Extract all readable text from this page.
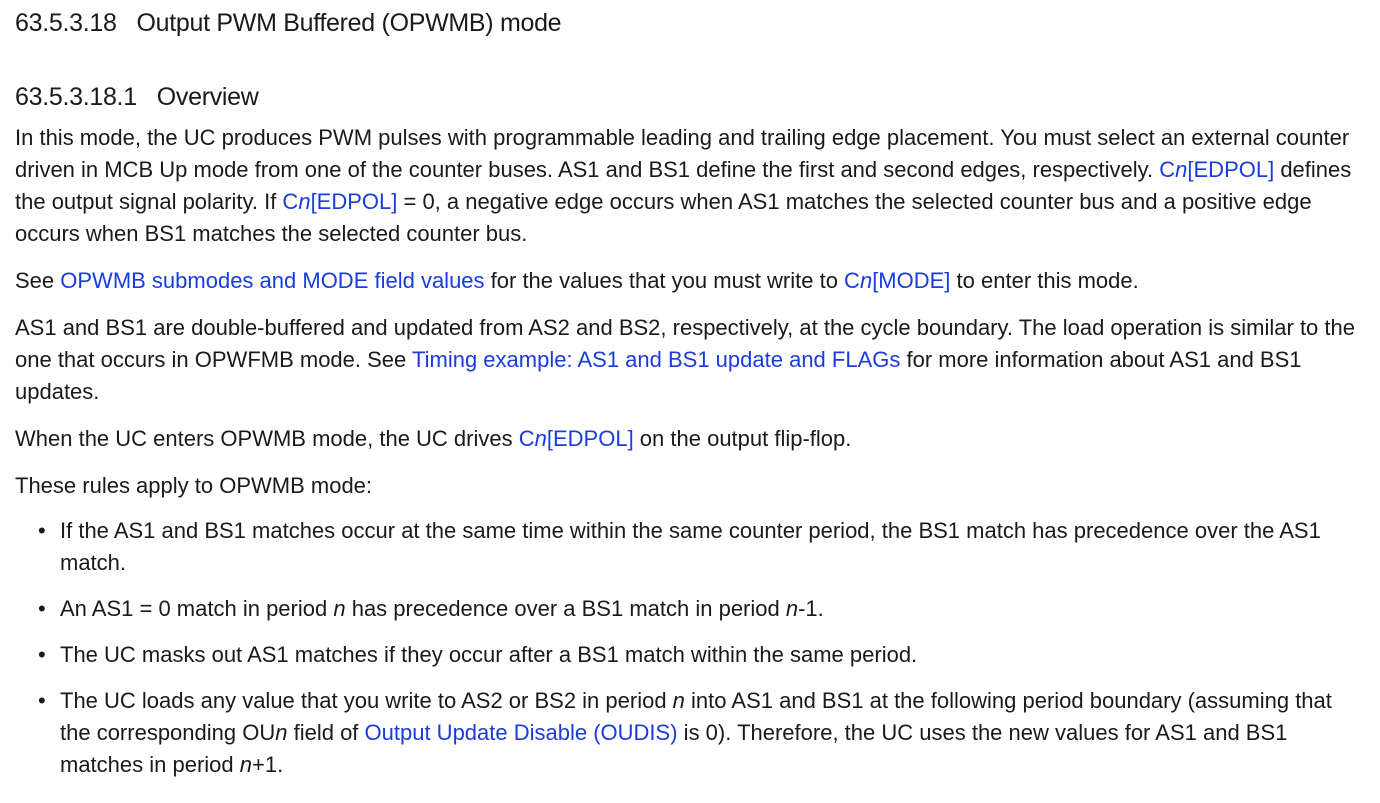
63.5.3.18 Output PWM Buffered (OPWMB) mode
63.5.3.18.1 Overview

In this mode, the UC produces PWM pulses with programmable leading and trailing edge placement. You must select an external counter driven in MCB Up mode from one of the counter buses. AS1 and BS1 define the first and second edges, respectively. Cn[EDPOL] defines the output signal polarity. If Cn[EDPOL] = 0, a negative edge occurs when AS1 matches the selected counter bus and a positive edge occurs when BS1 matches the selected counter bus.

See OPWMB submodes and MODE field values for the values that you must write to Cn[MODE] to enter this mode.

AS1 and BS1 are double-buffered and updated from AS2 and BS2, respectively, at the cycle boundary. The load operation is similar to the one that occurs in OPWFMB mode. See Timing example: AS1 and BS1 update and FLAGs for more information about AS1 and BS1 updates.

When the UC enters OPWMB mode, the UC drives Cn[EDPOL] on the output flip-flop.

These rules apply to OPWMB mode:

• If the AS1 and BS1 matches occur at the same time within the same counter period, the BS1 match has precedence over the AS1 match.
• An AS1 = 0 match in period n has precedence over a BS1 match in period n-1.
• The UC masks out AS1 matches if they occur after a BS1 match within the same period.
• The UC loads any value that you write to AS2 or BS2 in period n into AS1 and BS1 at the following period boundary (assuming that the corresponding OUn field of Output Update Disable (OUDIS) is 0). Therefore, the UC uses the new values for AS1 and BS1 matches in period n+1.
